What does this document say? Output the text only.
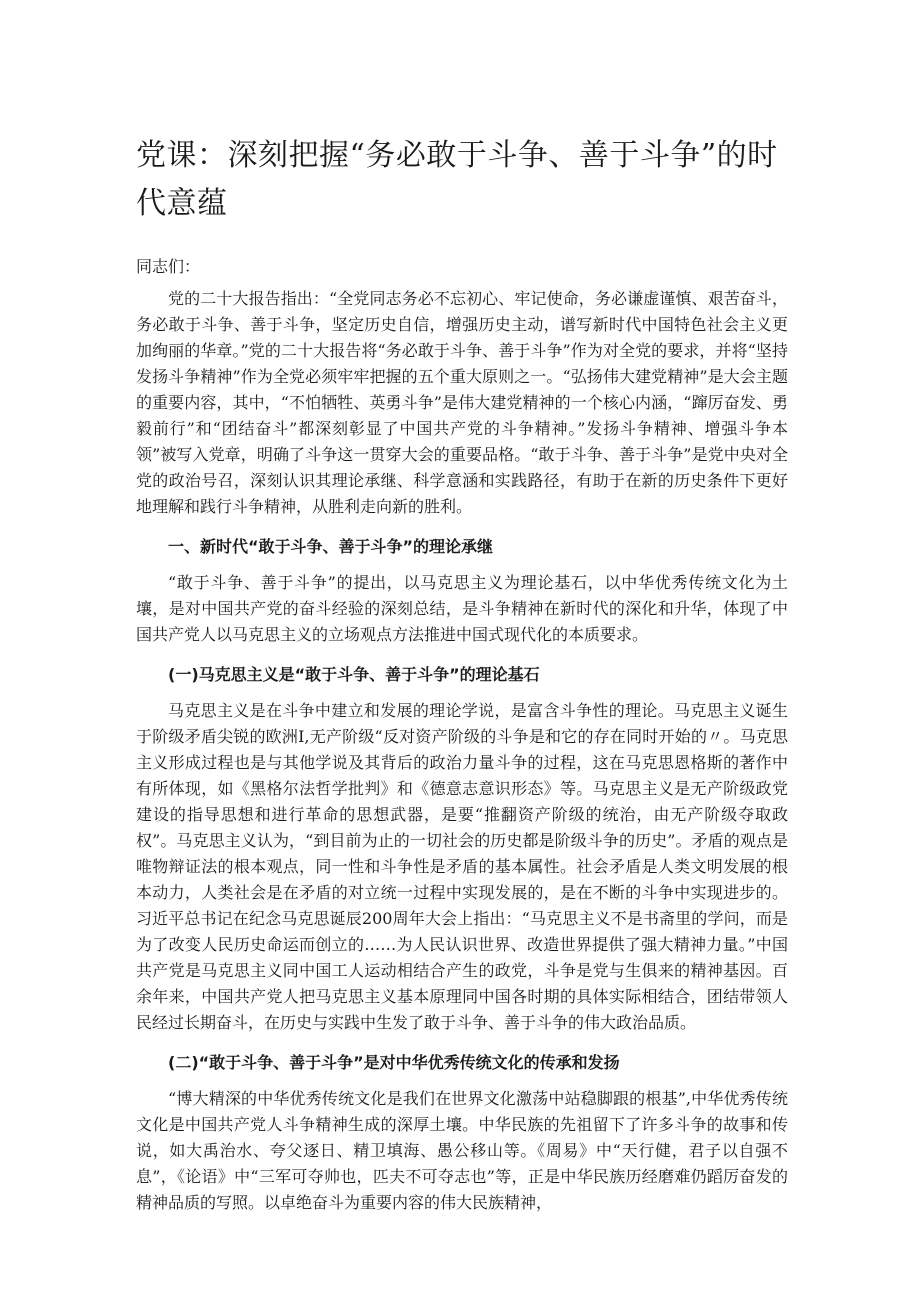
党课：深刻把握“务必敢于斗争、善于斗争”的时代意蕴

同志们：

党的二十大报告指出：“全党同志务必不忘初心、牢记使命，务必谦虚谨慎、艰苦奋斗，务必敢于斗争、善于斗争，坚定历史自信，增强历史主动，谱写新时代中国特色社会主义更加绚丽的华章。”党的二十大报告将“务必敢于斗争、善于斗争”作为对全党的要求，并将“坚持发扬斗争精神”作为全党必须牢牢把握的五个重大原则之一。“弘扬伟大建党精神”是大会主题的重要内容，其中，“不怕牺牲、英勇斗争”是伟大建党精神的一个核心内涵，“蹿厉奋发、勇毅前行”和“团结奋斗”都深刻彰显了中国共产党的斗争精神。”发扬斗争精神、增强斗争本领”被写入党章，明确了斗争这一贯穿大会的重要品格。“敢于斗争、善于斗争”是党中央对全党的政治号召，深刻认识其理论承继、科学意涵和实践路径，有助于在新的历史条件下更好地理解和践行斗争精神，从胜利走向新的胜利。

一、新时代“敢于斗争、善于斗争”的理论承继

“敢于斗争、善于斗争”的提出，以马克思主义为理论基石，以中华优秀传统文化为土壤，是对中国共产党的奋斗经验的深刻总结，是斗争精神在新时代的深化和升华，体现了中国共产党人以马克思主义的立场观点方法推进中国式现代化的本质要求。

(一)马克思主义是“敢于斗争、善于斗争”的理论基石

马克思主义是在斗争中建立和发展的理论学说，是富含斗争性的理论。马克思主义诞生于阶级矛盾尖锐的欧洲I,无产阶级“反对资产阶级的斗争是和它的存在同时开始的〃。马克思主义形成过程也是与其他学说及其背后的政治力量斗争的过程，这在马克思恩格斯的著作中有所体现，如《黑格尔法哲学批判》和《德意志意识形态》等。马克思主义是无产阶级政党建设的指导思想和进行革命的思想武器，是要“推翻资产阶级的统治，由无产阶级夺取政权”。马克思主义认为，“到目前为止的一切社会的历史都是阶级斗争的历史”。矛盾的观点是唯物辩证法的根本观点，同一性和斗争性是矛盾的基本属性。社会矛盾是人类文明发展的根本动力，人类社会是在矛盾的对立统一过程中实现发展的，是在不断的斗争中实现进步的。习近平总书记在纪念马克思诞辰200周年大会上指出：“马克思主义不是书斋里的学问，而是为了改变人民历史命运而创立的……为人民认识世界、改造世界提供了强大精神力量。”中国共产党是马克思主义同中国工人运动相结合产生的政党，斗争是党与生俱来的精神基因。百余年来，中国共产党人把马克思主义基本原理同中国各时期的具体实际相结合，团结带领人民经过长期奋斗，在历史与实践中生发了敢于斗争、善于斗争的伟大政治品质。

(二)“敢于斗争、善于斗争”是对中华优秀传统文化的传承和发扬

“博大精深的中华优秀传统文化是我们在世界文化激荡中站稳脚跟的根基”,中华优秀传统文化是中国共产党人斗争精神生成的深厚土壤。中华民族的先祖留下了许多斗争的故事和传说，如大禹治水、夸父逐日、精卫填海、愚公移山等。《周易》中“天行健，君子以自强不息”，《论语》中“三军可夺帅也，匹夫不可夺志也”等，正是中华民族历经磨难仍蹈厉奋发的精神品质的写照。以卓绝奋斗为重要内容的伟大民族精神，
